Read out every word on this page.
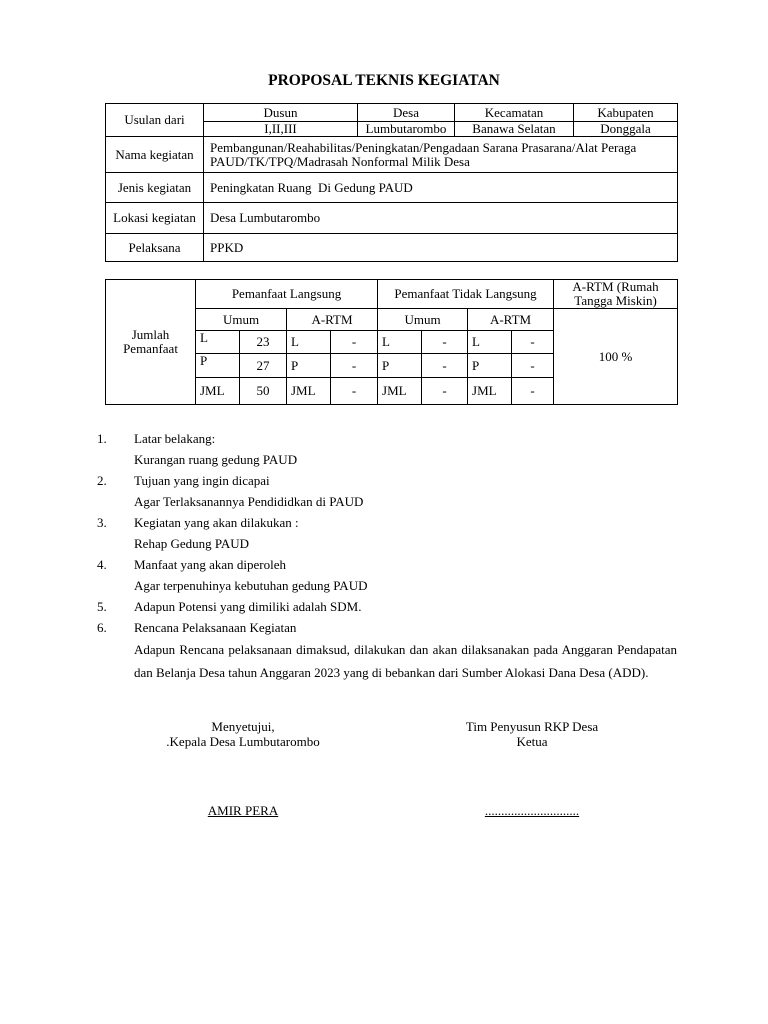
PROPOSAL TEKNIS KEGIATAN
Usulan dari	Dusun	Desa	Kecamatan	Kabupaten
	I,II,III	Lumbutarombo	Banawa Selatan	Donggala
Nama kegiatan	Pembangunan/Reahabilitas/Peningkatan/Pengadaan Sarana Prasarana/Alat Peraga PAUD/TK/TPQ/Madrasah Nonformal Milik Desa			
Jenis kegiatan	Peningkatan Ruang  Di Gedung PAUD			
Lokasi kegiatan	Desa Lumbutarombo			
Pelaksana	PPKD			
Jumlah Pemanfaat	Pemanfaat Langsung				Pemanfaat Tidak Langsung				A-RTM (Rumah Tangga Miskin)
	Umum		A-RTM		Umum		A-RTM		100 %
	L	23	L	-	L	-	L	-	
	P	27	P	-	P	-	P	-	
	JML	50	JML	-	JML	-	JML	-	
1.	Latar belakang:
Kurangan ruang gedung PAUD
2.	Tujuan yang ingin dicapai
Agar Terlaksanannya Pendididkan di PAUD
3.	Kegiatan yang akan dilakukan :
Rehap Gedung PAUD
4.	Manfaat yang akan diperoleh
Agar terpenuhinya kebutuhan gedung PAUD
5.	Adapun Potensi yang dimiliki adalah SDM.
6.	Rencana Pelaksanaan Kegiatan
Adapun Rencana pelaksanaan dimaksud, dilakukan dan akan dilaksanakan pada Anggaran Pendapatan dan Belanja Desa tahun Anggaran 2023 yang di bebankan dari Sumber Alokasi Dana Desa (ADD).
Menyetujui,
.Kepala Desa Lumbutarombo
Tim Penyusun RKP Desa
Ketua
AMIR PERA	.............................
